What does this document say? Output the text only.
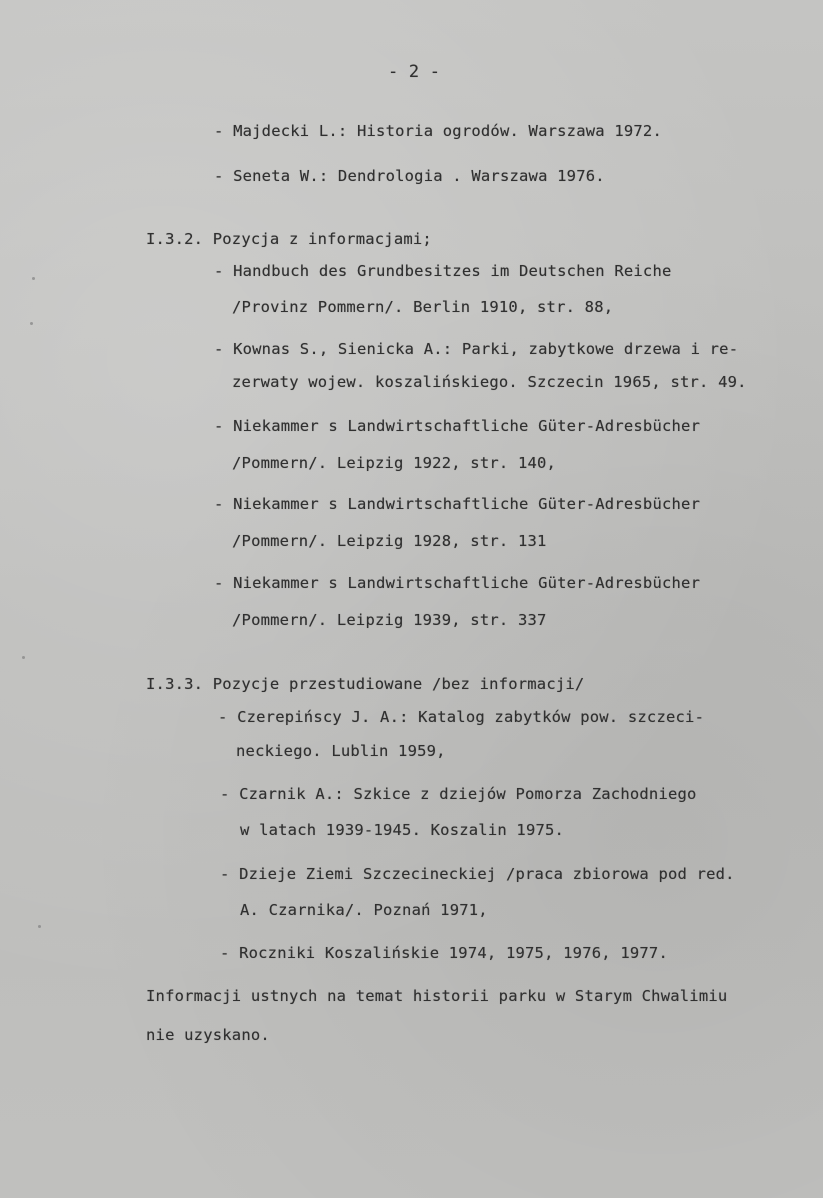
- 2 -
- Majdecki L.: Historia ogrodów. Warszawa 1972.
- Seneta W.: Dendrologia . Warszawa 1976.
I.3.2. Pozycja z informacjami;
- Handbuch des Grundbesitzes im Deutschen Reiche
/Provinz Pommern/. Berlin 1910, str. 88,
- Kownas S., Sienicka A.: Parki, zabytkowe drzewa i re-
zerwaty wojew. koszalińskiego. Szczecin 1965, str. 49.
- Niekammer s Landwirtschaftliche Güter-Adresbücher
/Pommern/. Leipzig 1922, str. 140,
- Niekammer s Landwirtschaftliche Güter-Adresbücher
/Pommern/. Leipzig 1928, str. 131
- Niekammer s Landwirtschaftliche Güter-Adresbücher
/Pommern/. Leipzig 1939, str. 337
I.3.3. Pozycje przestudiowane /bez informacji/
- Czerepińscy J. A.: Katalog zabytków pow. szczeci-
neckiego. Lublin 1959,
- Czarnik A.: Szkice z dziejów Pomorza Zachodniego
w latach 1939-1945. Koszalin 1975.
- Dzieje Ziemi Szczecineckiej /praca zbiorowa pod red.
A. Czarnika/. Poznań 1971,
- Roczniki Koszalińskie 1974, 1975, 1976, 1977.
Informacji ustnych na temat historii parku w Starym Chwalimiu
nie uzyskano.
